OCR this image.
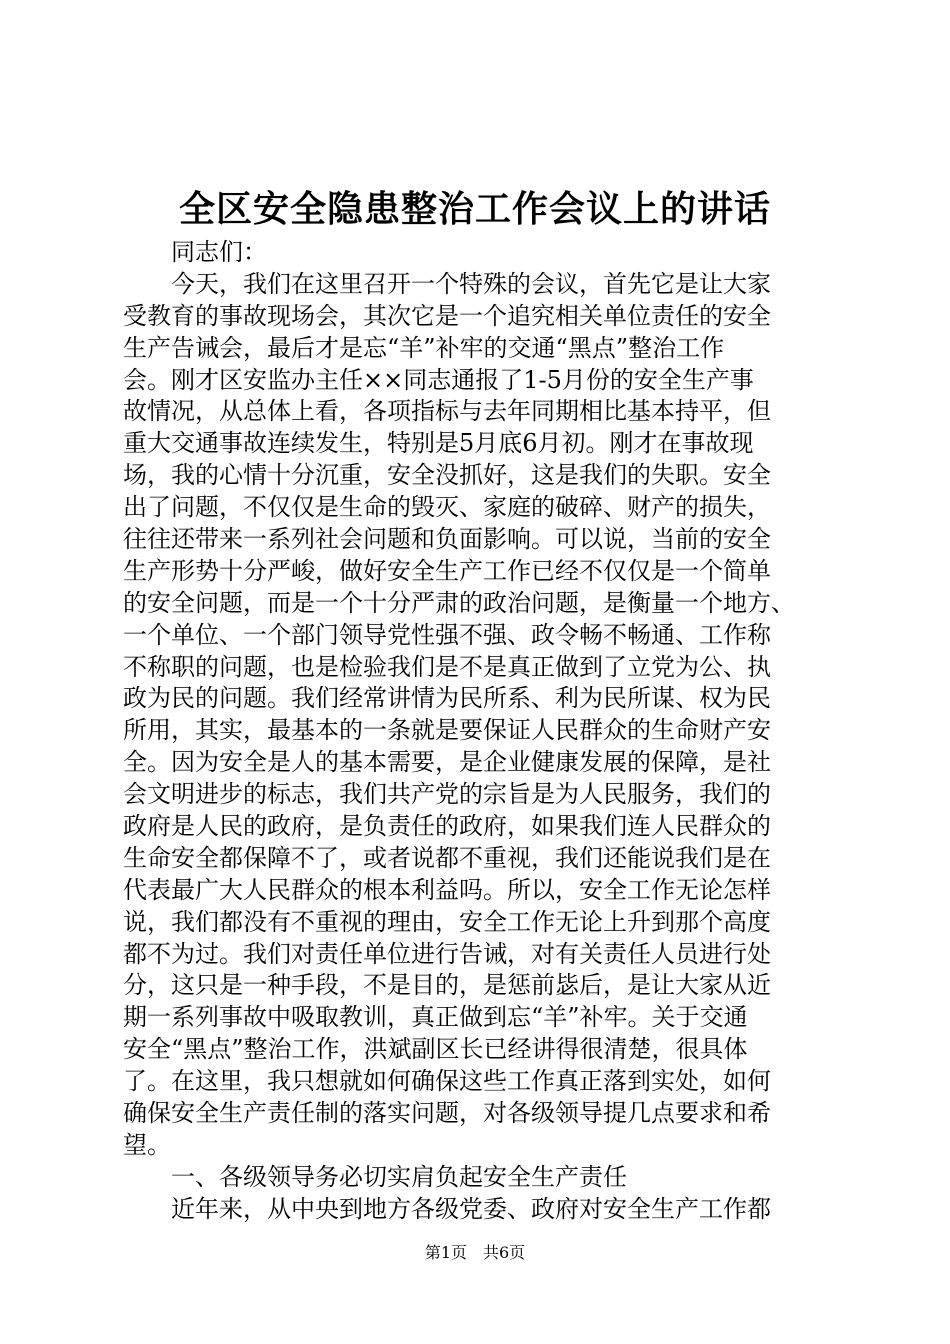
全区安全隐患整治工作会议上的讲话
　　同志们：
　　今天，我们在这里召开一个特殊的会议，首先它是让大家
受教育的事故现场会，其次它是一个追究相关单位责任的安全
生产告诫会，最后才是忘“羊”补牢的交通“黑点”整治工作
会。刚才区安监办主任××同志通报了1-5月份的安全生产事
故情况，从总体上看，各项指标与去年同期相比基本持平，但
重大交通事故连续发生，特别是5月底6月初。刚才在事故现
场，我的心情十分沉重，安全没抓好，这是我们的失职。安全
出了问题，不仅仅是生命的毁灭、家庭的破碎、财产的损失，
往往还带来一系列社会问题和负面影响。可以说，当前的安全
生产形势十分严峻，做好安全生产工作已经不仅仅是一个简单
的安全问题，而是一个十分严肃的政治问题，是衡量一个地方、
一个单位、一个部门领导党性强不强、政令畅不畅通、工作称
不称职的问题，也是检验我们是不是真正做到了立党为公、执
政为民的问题。我们经常讲情为民所系、利为民所谋、权为民
所用，其实，最基本的一条就是要保证人民群众的生命财产安
全。因为安全是人的基本需要，是企业健康发展的保障，是社
会文明进步的标志，我们共产党的宗旨是为人民服务，我们的
政府是人民的政府，是负责任的政府，如果我们连人民群众的
生命安全都保障不了，或者说都不重视，我们还能说我们是在
代表最广大人民群众的根本利益吗。所以，安全工作无论怎样
说，我们都没有不重视的理由，安全工作无论上升到那个高度
都不为过。我们对责任单位进行告诫，对有关责任人员进行处
分，这只是一种手段，不是目的，是惩前毖后，是让大家从近
期一系列事故中吸取教训，真正做到忘“羊”补牢。关于交通
安全“黑点”整治工作，洪斌副区长已经讲得很清楚，很具体
了。在这里，我只想就如何确保这些工作真正落到实处，如何
确保安全生产责任制的落实问题，对各级领导提几点要求和希
望。
　　一、各级领导务必切实肩负起安全生产责任
　　近年来，从中央到地方各级党委、政府对安全生产工作都
第1页　共6页
